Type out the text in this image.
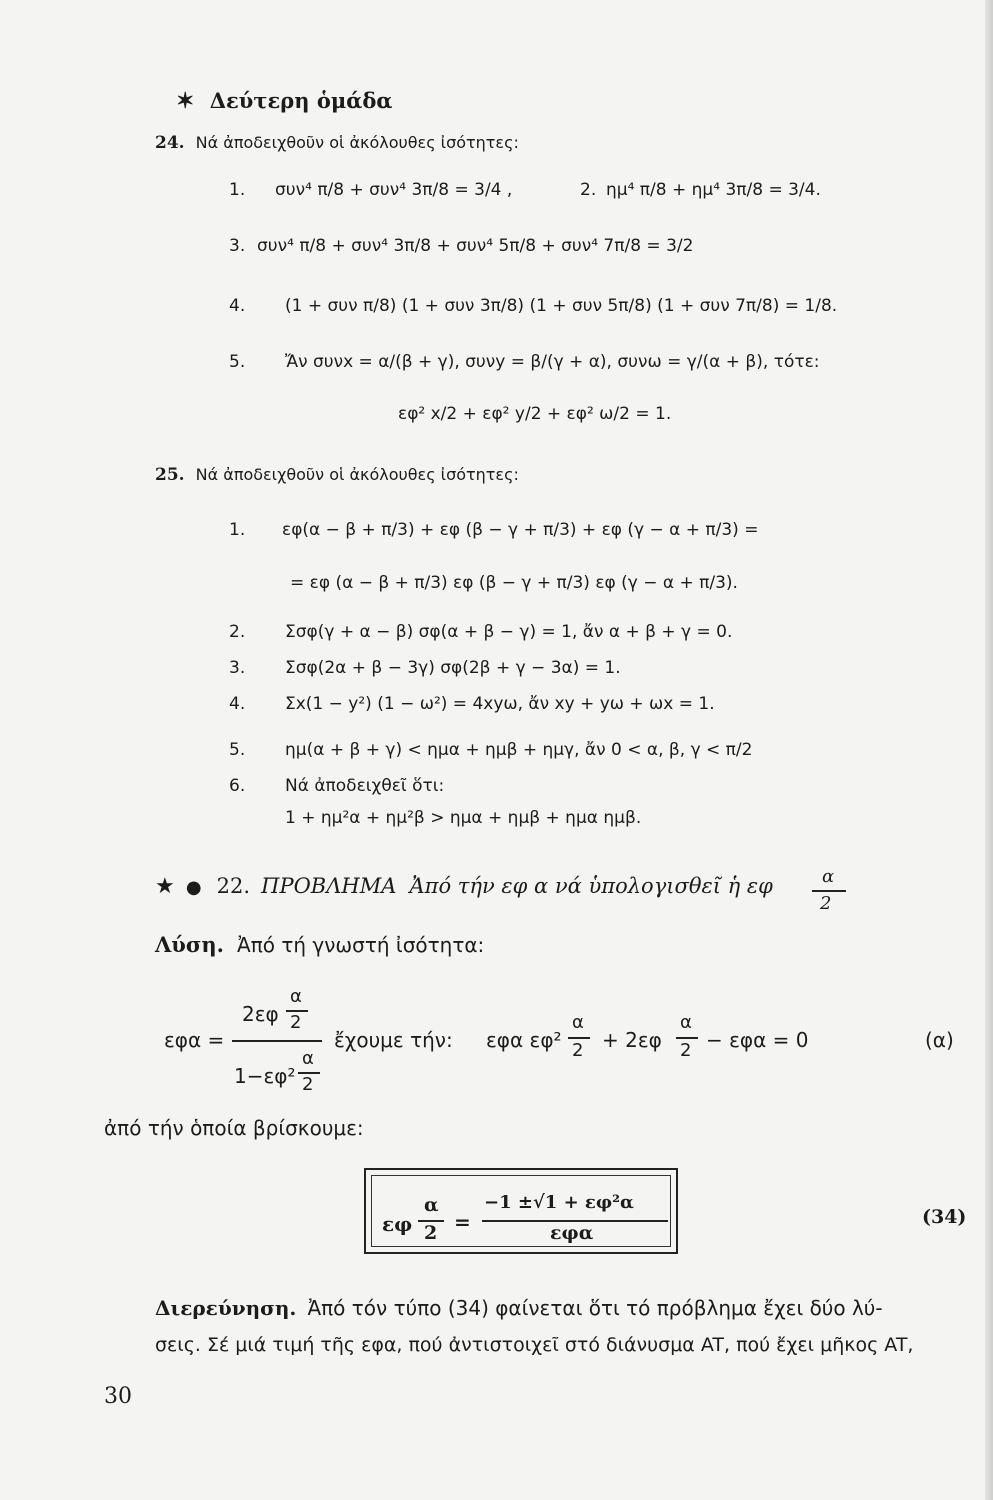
✶ Δεύτερη ὁμάδα
24. Νά ἀποδειχθοῦν οἱ ἀκόλουθες ἰσότητες:
1. συν⁴ π/8 + συν⁴ 3π/8 = 3/4 ,	2. ημ⁴ π/8 + ημ⁴ 3π/8 = 3/4.
3. συν⁴ π/8 + συν⁴ 3π/8 + συν⁴ 5π/8 + συν⁴ 7π/8 = 3/2
4. (1 + συν π/8) (1 + συν 3π/8) (1 + συν 5π/8) (1 + συν 7π/8) = 1/8.
5. Ἄν συνx = α/(β + γ), συνy = β/(γ + α), συνω = γ/(α + β), τότε:
εφ² x/2 + εφ² y/2 + εφ² ω/2 = 1.
25. Νά ἀποδειχθοῦν οἱ ἀκόλουθες ἰσότητες:
1. εφ(α − β + π/3) + εφ (β − γ + π/3) + εφ (γ − α + π/3) =
= εφ (α − β + π/3) εφ (β − γ + π/3) εφ (γ − α + π/3).
2. Σσφ(γ + α − β) σφ(α + β − γ) = 1, ἄν α + β + γ = 0.
3. Σσφ(2α + β − 3γ) σφ(2β + γ − 3α) = 1.
4. Σx(1 − y²) (1 − ω²) = 4xyω, ἄν xy + yω + ωx = 1.
5. ημ(α + β + γ) < ημα + ημβ + ημγ, ἄν 0 < α, β, γ < π/2
6. Νά ἀποδειχθεῖ ὅτι:
1 + ημ²α + ημ²β > ημα + ημβ + ημα ημβ.
★ ● 22. ΠΡΟΒΛΗΜΑ Ἀπό τήν εφ α νά ὑπολογισθεῖ ἡ εφ	α
2
Λύση. Ἀπό τή γνωστή ἰσότητα:
εφα =
2εφ
α
2
1−εφ²
α
2
ἔχουμε τήν: εφα εφ²
α
2 + 2εφ
α
2 − εφα = 0	(α)
ἀπό τήν ὁποία βρίσκουμε:
εφ
α
2 =
−1 ±√1 + εφ²α
εφα
(34)
Διερεύνηση. Ἀπό τόν τύπο (34) φαίνεται ὅτι τό πρόβλημα ἔχει δύο λύ-
σεις. Σέ μιά τιμή τῆς εφα, πού ἀντιστοιχεῖ στό διάνυσμα AT, πού ἔχει μῆκος AT,
30
